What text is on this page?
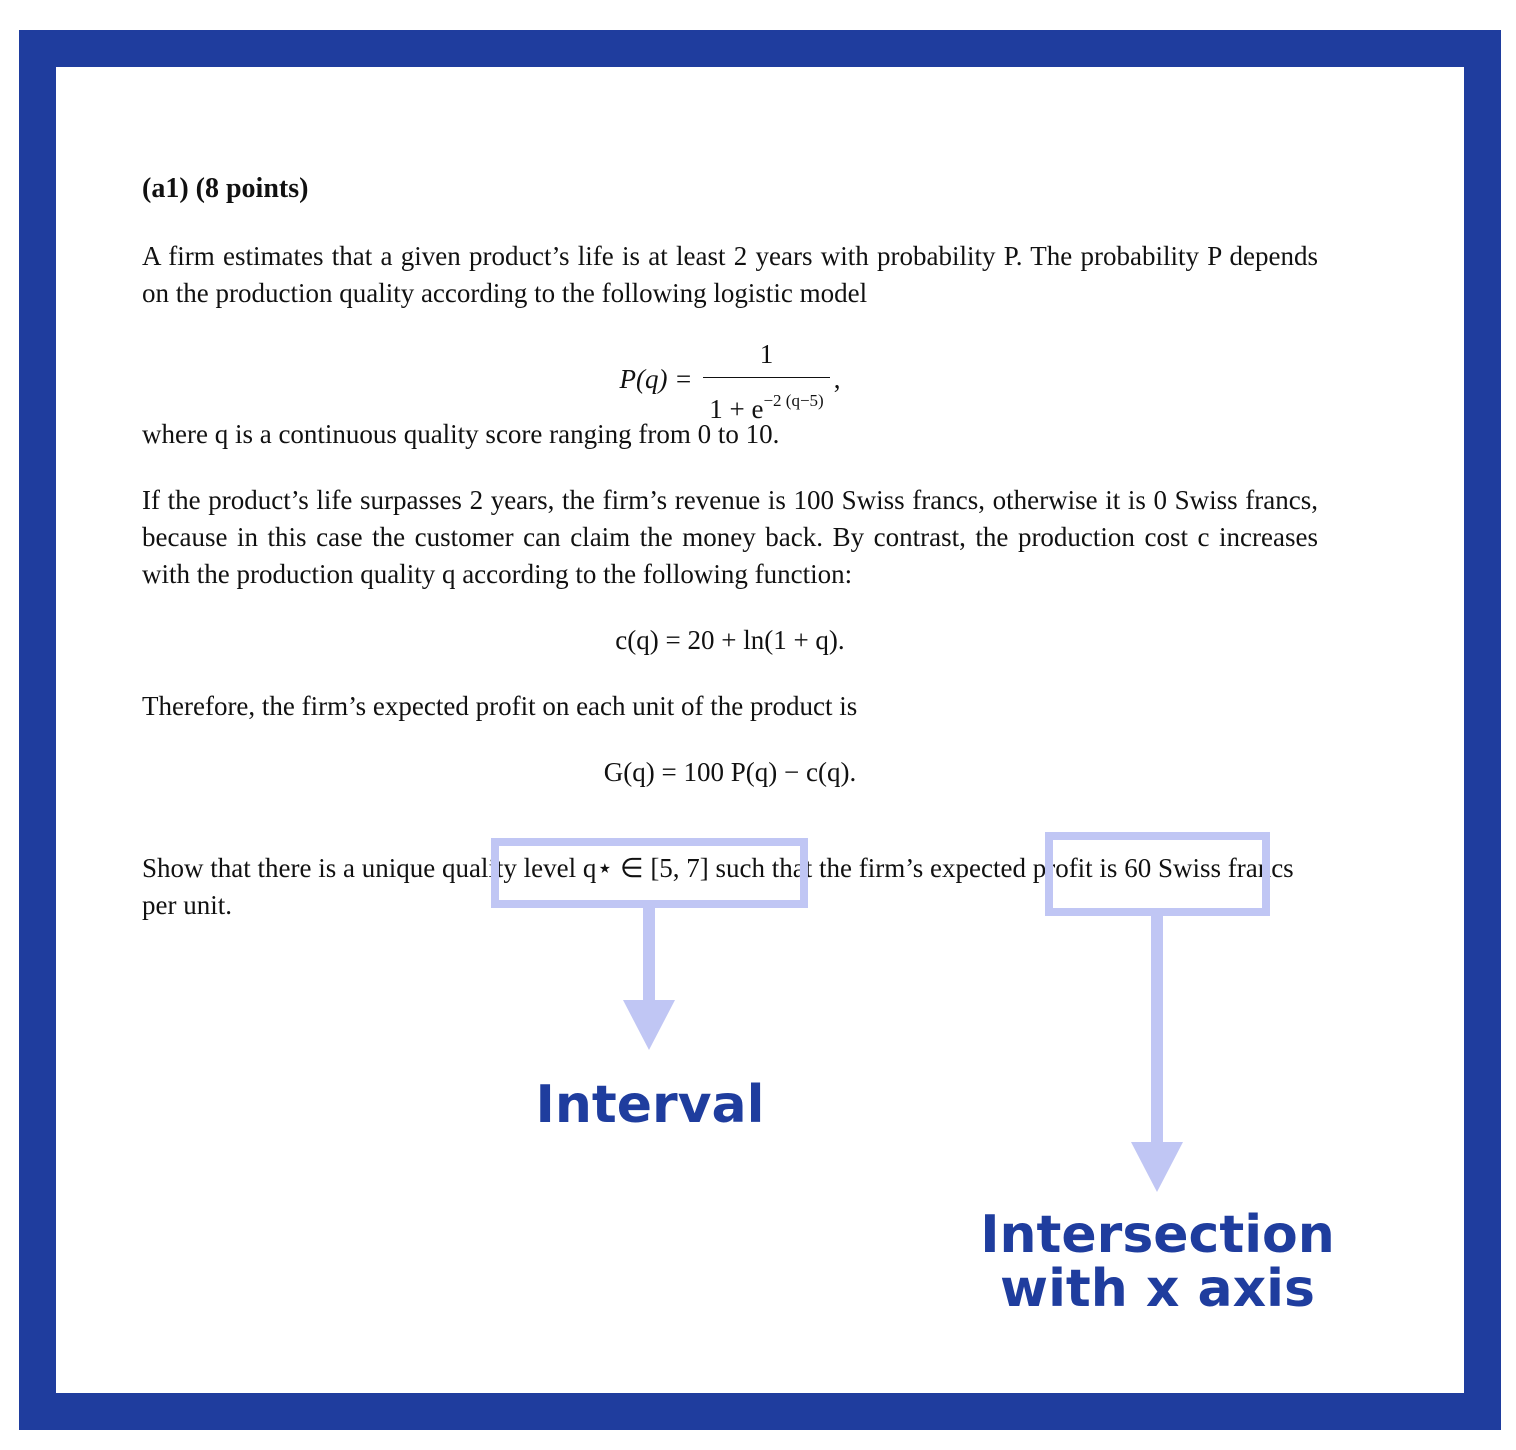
(a1) (8 points)
A firm estimates that a given product’s life is at least 2 years with probability P. The probability P depends on the production quality according to the following logistic model
$P(q) = \frac{1}{1 + e^{-2 (q-5)}}$ ,
where q is a continuous quality score ranging from 0 to 10.
If the product’s life surpasses 2 years, the firm’s revenue is 100 Swiss francs, otherwise it is 0 Swiss francs, because in this case the customer can claim the money back. By contrast, the production cost c increases with the production quality q according to the following function:
c(q) = 20 + ln(1 + q).
Therefore, the firm’s expected profit on each unit of the product is
G(q) = 100 P(q) − c(q).
Show that there is a unique quality level q⋆ ∈ [5, 7] such that the firm’s expected profit is 60 Swiss francs per unit.
Interval
Intersection
with x axis
